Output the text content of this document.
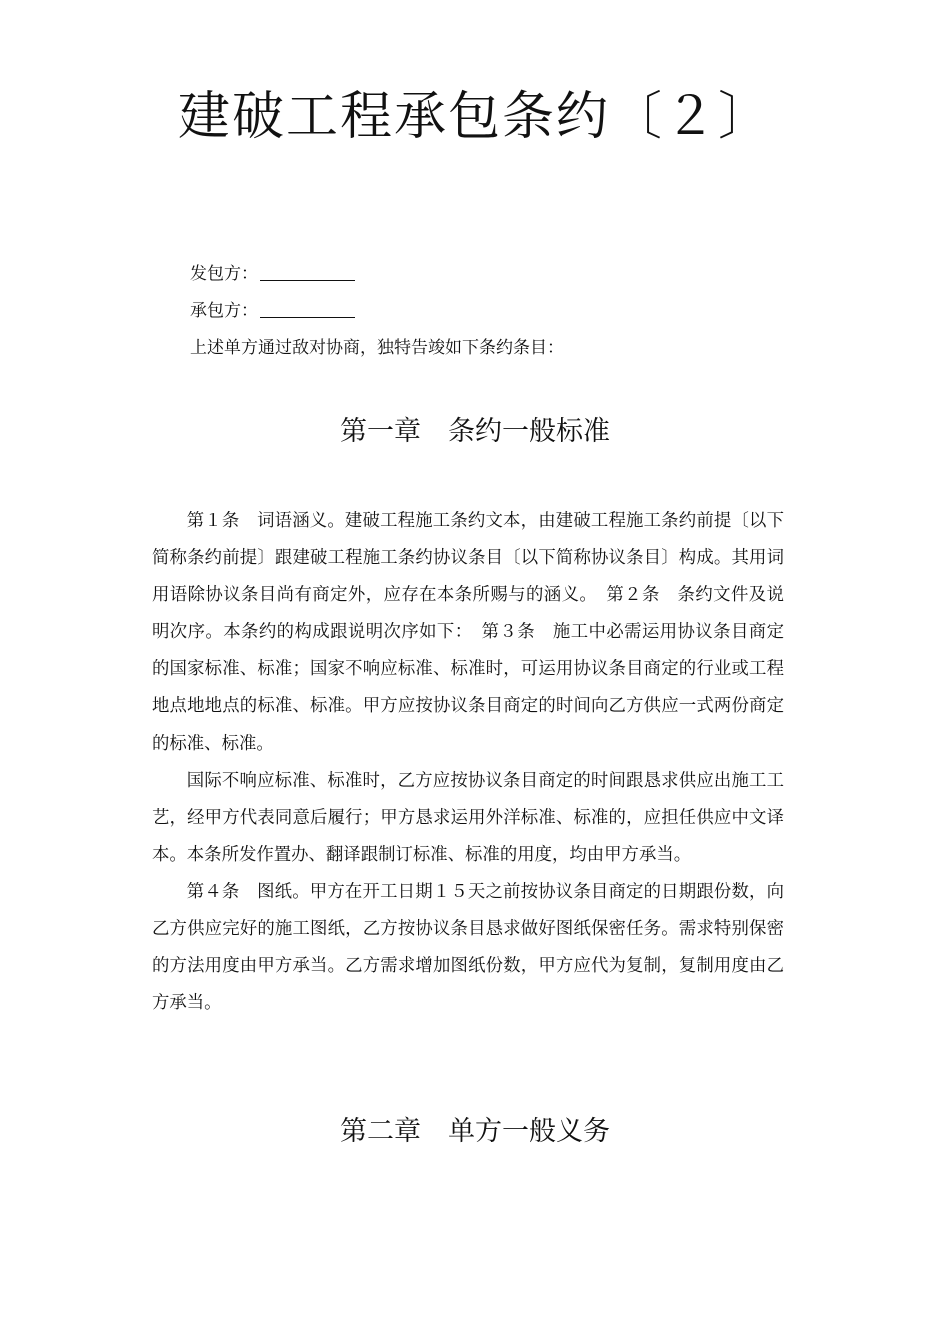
建破工程承包条约〔２〕
发包方：
承包方：
上述单方通过敌对协商，独特告竣如下条约条目：
第一章　条约一般标准

第１条　词语涵义。建破工程施工条约文本，由建破工程施工条约前提〔以下简称条约前提〕跟建破工程施工条约协议条目〔以下简称协议条目〕构成。其用词用语除协议条目尚有商定外，应存在本条所赐与的涵义。　第２条　条约文件及说明次序。本条约的构成跟说明次序如下：　第３条　施工中必需运用协议条目商定的国家标准、标准；国家不响应标准、标准时，可运用协议条目商定的行业或工程地点地地点的标准、标准。甲方应按协议条目商定的时间向乙方供应一式两份商定的标准、标准。

国际不响应标准、标准时，乙方应按协议条目商定的时间跟恳求供应出施工工艺，经甲方代表同意后履行；甲方恳求运用外洋标准、标准的，应担任供应中文译本。本条所发作置办、翻译跟制订标准、标准的用度，均由甲方承当。

第４条　图纸。甲方在开工日期１５天之前按协议条目商定的日期跟份数，向乙方供应完好的施工图纸，乙方按协议条目恳求做好图纸保密任务。需求特别保密的方法用度由甲方承当。乙方需求增加图纸份数，甲方应代为复制，复制用度由乙方承当。

第二章　单方一般义务
